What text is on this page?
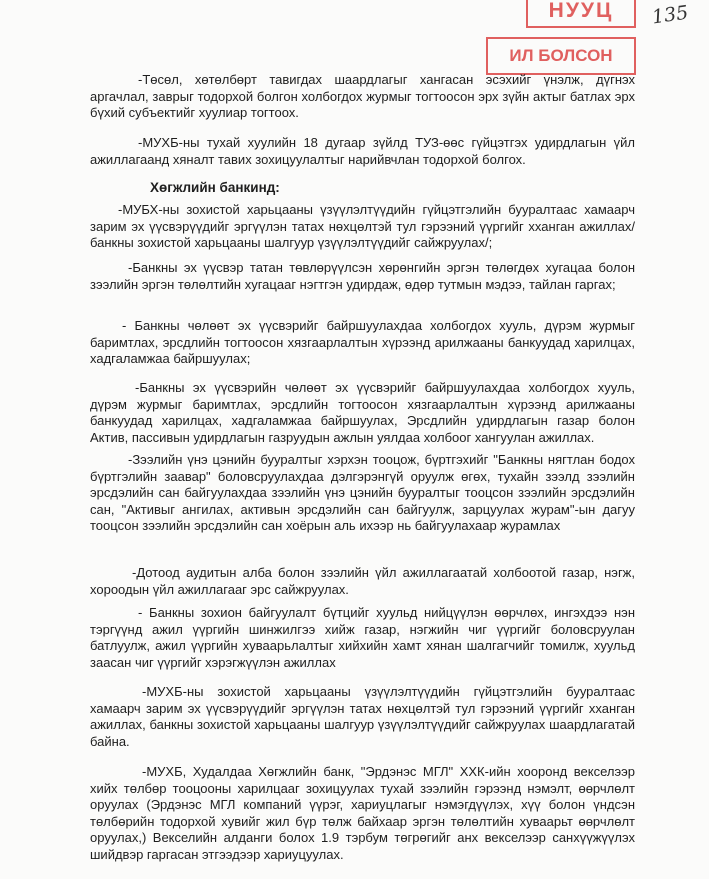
НУУЦ
ИЛ БОЛСОН
135

-Төсөл, хөтөлбөрт тавигдах шаардлагыг хангасан эсэхийг үнэлж, дүгнэх аргачлал, заврыг тодорхой болгон холбогдох журмыг тогтоосон эрх зүйн актыг батлах эрх бүхий субъектийг хуулиар тогтоох.

-МУХБ-ны тухай хуулийн 18 дугаар зүйлд ТУЗ-өөс гүйцэтгэх удирдлагын үйл ажиллагаанд хяналт тавих зохицуулалтыг нарийвчлан тодорхой болгох.

Хөгжлийн банкинд:

-МУБХ-ны зохистой харьцааны үзүүлэлтүүдийн гүйцэтгэлийн бууралтаас хамаарч зарим эх үүсвэрүүдийг эргүүлэн татах нөхцөлтэй тул гэрээний үүргийг хханган ажиллах/банкны зохистой харьцааны шалгуур үзүүлэлтүүдийг сайжруулах/;

-Банкны эх үүсвэр татан төвлөрүүлсэн хөрөнгийн эргэн төлөгдөх хугацаа болон зээлийн эргэн төлөлтийн хугацааг нэгтгэн удирдаж, өдөр тутмын мэдээ, тайлан гаргах;

- Банкны чөлөөт эх үүсвэрийг байршуулахдаа холбогдох хууль, дүрэм журмыг баримтлах, эрсдлийн тогтоосон хязгаарлалтын хүрээнд арилжааны банкуудад харилцах, хадгаламжаа байршуулах;

-Банкны эх үүсвэрийн чөлөөт эх үүсвэрийг байршуулахдаа холбогдох хууль, дүрэм журмыг баримтлах, эрсдлийн тогтоосон хязгаарлалтын хүрээнд арилжааны банкуудад харилцах, хадгаламжаа байршуулах, Эрсдлийн удирдлагын газар болон Актив, пассивын удирдлагын газруудын ажлын уялдаа холбоог хангуулан ажиллах.

-Зээлийн үнэ цэнийн бууралтыг хэрхэн тооцож, бүртгэхийг "Банкны нягтлан бодох бүртгэлийн заавар" боловсруулахдаа дэлгэрэнгүй оруулж өгөх, тухайн зээлд зээлийн эрсдэлийн сан байгуулахдаа зээлийн үнэ цэнийн бууралтыг тооцсон зээлийн эрсдэлийн сан, "Активыг ангилах, активын эрсдэлийн сан байгуулж, зарцуулах журам"-ын дагуу тооцсон зээлийн эрсдэлийн сан хоёрын аль ихээр нь байгуулахаар журамлах

-Дотоод аудитын алба болон зээлийн үйл ажиллагаатай холбоотой газар, нэгж, хороодын үйл ажиллагааг эрс сайжруулах.

- Банкны зохион байгуулалт бүтцийг хуульд нийцүүлэн өөрчлөх, ингэхдээ нэн тэргүүнд ажил үүргийн шинжилгээ хийж газар, нэгжийн чиг үүргийг боловсруулан батлуулж, ажил үүргийн хуваарьлалтыг хийхийн хамт хянан шалгагчийг томилж, хуульд заасан чиг үүргийг хэрэгжүүлэн ажиллах

-МУХБ-ны зохистой харьцааны үзүүлэлтүүдийн гүйцэтгэлийн бууралтаас хамаарч зарим эх үүсвэрүүдийг эргүүлэн татах нөхцөлтэй тул гэрээний үүргийг хханган ажиллах, банкны зохистой харьцааны шалгуур үзүүлэлтүүдийг сайжруулах шаардлагатай байна.

-МУХБ, Худалдаа Хөгжлийн банк, "Эрдэнэс МГЛ" ХХК-ийн хооронд векселээр хийх төлбөр тооцооны харилцааг зохицуулах тухай зээлийн гэрээнд нэмэлт, өөрчлөлт оруулах (Эрдэнэс МГЛ компаний үүрэг, хариуцлагыг нэмэгдүүлэх, хүү болон үндсэн төлбөрийн тодорхой хувийг жил бүр төлж байхаар эргэн төлөлтийн хуваарьт өөрчлөлт оруулах,) Векселийн алданги болох 1.9 тэрбум төгрөгийг анх векселээр санхүүжүүлэх шийдвэр гаргасан этгээдээр хариуцуулах.
